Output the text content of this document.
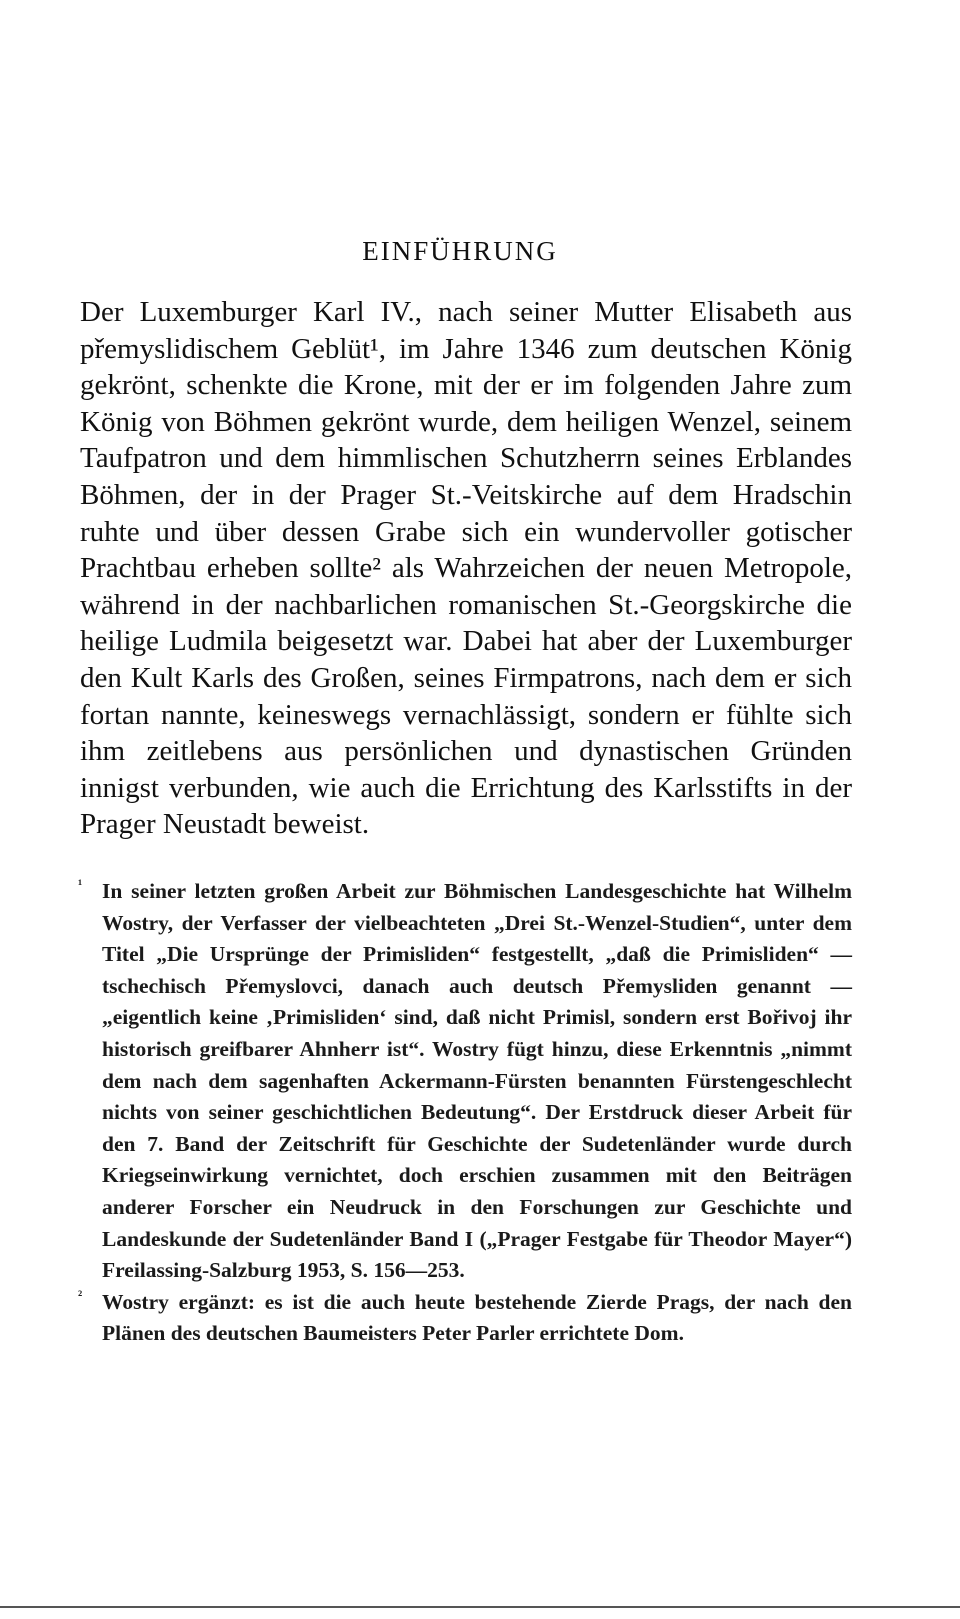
EINFÜHRUNG

Der Luxemburger Karl IV., nach seiner Mutter Elisabeth aus přemyslidischem Geblüt¹, im Jahre 1346 zum deutschen König gekrönt, schenkte die Krone, mit der er im folgenden Jahre zum König von Böhmen gekrönt wurde, dem heiligen Wenzel, seinem Taufpatron und dem himmlischen Schutzherrn seines Erblandes Böhmen, der in der Prager St.-Veitskirche auf dem Hradschin ruhte und über dessen Grabe sich ein wundervoller gotischer Prachtbau erheben sollte² als Wahrzeichen der neuen Metropole, während in der nachbarlichen romanischen St.-Georgskirche die heilige Ludmila beigesetzt war. Dabei hat aber der Luxemburger den Kult Karls des Großen, seines Firmpatrons, nach dem er sich fortan nannte, keineswegs vernachlässigt, sondern er fühlte sich ihm zeitlebens aus persönlichen und dynastischen Gründen innigst verbunden, wie auch die Errichtung des Karlsstifts in der Prager Neustadt beweist.

¹ In seiner letzten großen Arbeit zur Böhmischen Landesgeschichte hat Wilhelm Wostry, der Verfasser der vielbeachteten „Drei St.-Wenzel-Studien“, unter dem Titel „Die Ursprünge der Primisliden“ festgestellt, „daß die Primisliden“ — tschechisch Přemyslovci, danach auch deutsch Přemysliden genannt — „eigentlich keine ‚Primisliden‘ sind, daß nicht Primisl, sondern erst Bořivoj ihr historisch greifbarer Ahnherr ist“. Wostry fügt hinzu, diese Erkenntnis „nimmt dem nach dem sagenhaften Ackermann-Fürsten benannten Fürstengeschlecht nichts von seiner geschichtlichen Bedeutung“. Der Erstdruck dieser Arbeit für den 7. Band der Zeitschrift für Geschichte der Sudetenländer wurde durch Kriegseinwirkung vernichtet, doch erschien zusammen mit den Beiträgen anderer Forscher ein Neudruck in den Forschungen zur Geschichte und Landeskunde der Sudetenländer Band I („Prager Festgabe für Theodor Mayer“) Freilassing-Salzburg 1953, S. 156—253.
² Wostry ergänzt: es ist die auch heute bestehende Zierde Prags, der nach den Plänen des deutschen Baumeisters Peter Parler errichtete Dom.
